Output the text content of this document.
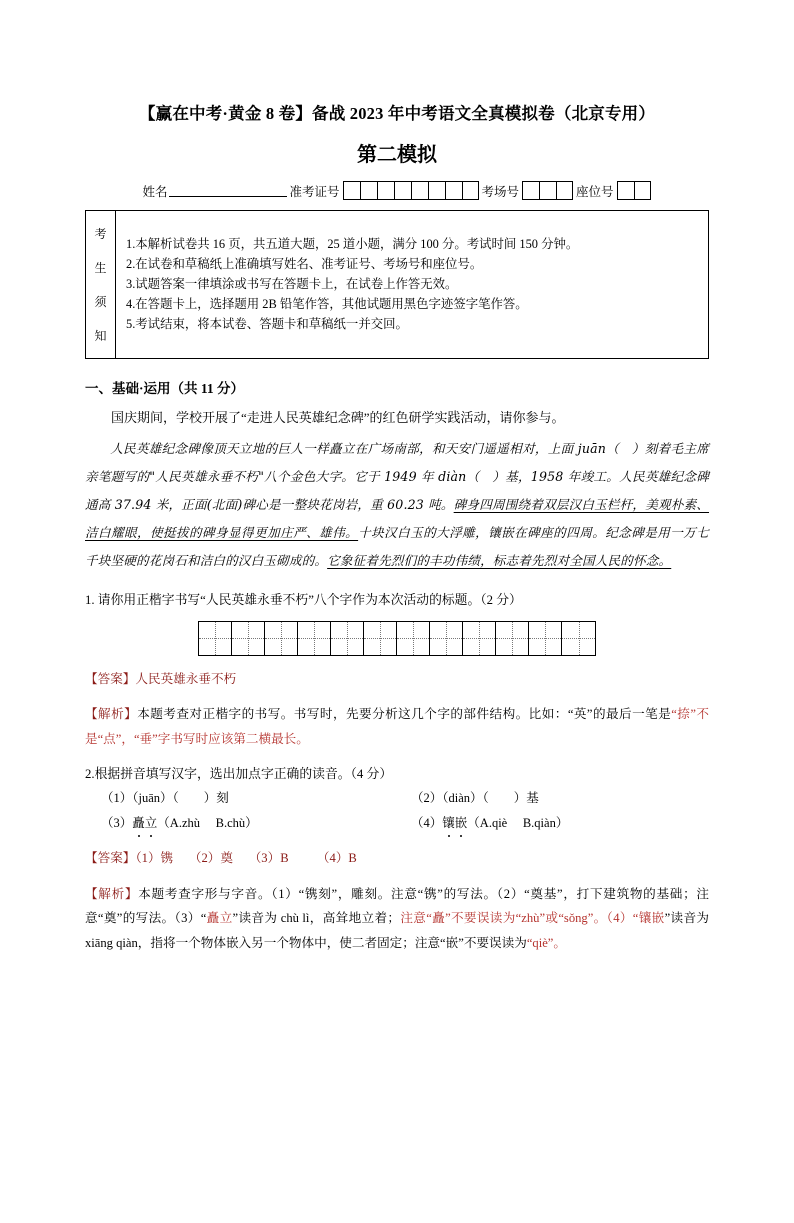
【赢在中考·黄金 8 卷】备战 2023 年中考语文全真模拟卷（北京专用）
第二模拟
姓名	准考证号	考场号	座位号
考
生
须
知
1.本解析试卷共 16 页，共五道大题，25 道小题，满分 100 分。考试时间 150 分钟。
2.在试卷和草稿纸上准确填写姓名、准考证号、考场号和座位号。
3.试题答案一律填涂或书写在答题卡上，在试卷上作答无效。
4.在答题卡上，选择题用 2B 铅笔作答，其他试题用黑色字迹签字笔作答。
5.考试结束，将本试卷、答题卡和草稿纸一并交回。
一、基础·运用（共 11 分）
国庆期间，学校开展了“走进人民英雄纪念碑”的红色研学实践活动，请你参与。
人民英雄纪念碑像顶天立地的巨人一样矗立在广场南部，和天安门遥遥相对，上面 juān（　）刻着毛主席亲笔题写的"人民英雄永垂不朽"八个金色大字。它于 1949 年 diàn（　）基，1958 年竣工。人民英雄纪念碑通高 37.94 米，正面(北面)碑心是一整块花岗岩，重 60.23 吨。碑身四周围绕着双层汉白玉栏杆，美观朴素、洁白耀眼，使挺拔的碑身显得更加庄严、雄伟。十块汉白玉的大浮雕，镶嵌在碑座的四周。纪念碑是用一万七千块坚硬的花岗石和洁白的汉白玉砌成的。它象征着先烈们的丰功伟绩，标志着先烈对全国人民的怀念。
1. 请你用正楷字书写“人民英雄永垂不朽”八个字作为本次活动的标题。（2 分）
【答案】人民英雄永垂不朽
【解析】本题考查对正楷字的书写。书写时，先要分析这几个字的部件结构。比如：“英”的最后一笔是“捺”不是“点”，“垂”字书写时应该第二横最长。
2.根据拼音填写汉字，选出加点字正确的读音。（4 分）
（1）（juān）（　　）刻	（2）（diàn）（　　）基
（3）矗立（A.zhù　 B.chù）	（4）镶嵌（A.qiè　 B.qiàn）
【答案】（1）镌　 （2）奠　 （3）B　　 （4）B
【解析】本题考查字形与字音。（1）“镌刻”，雕刻。注意“镌”的写法。（2）“奠基”，打下建筑物的基础；注意“奠”的写法。（3）“矗立”读音为 chù lì，高耸地立着；注意“矗”不要误读为“zhù”或“sǒng”。（4）“镶嵌”读音为 xiāng qiàn，指将一个物体嵌入另一个物体中，使二者固定；注意“嵌”不要误读为“qiè”。
